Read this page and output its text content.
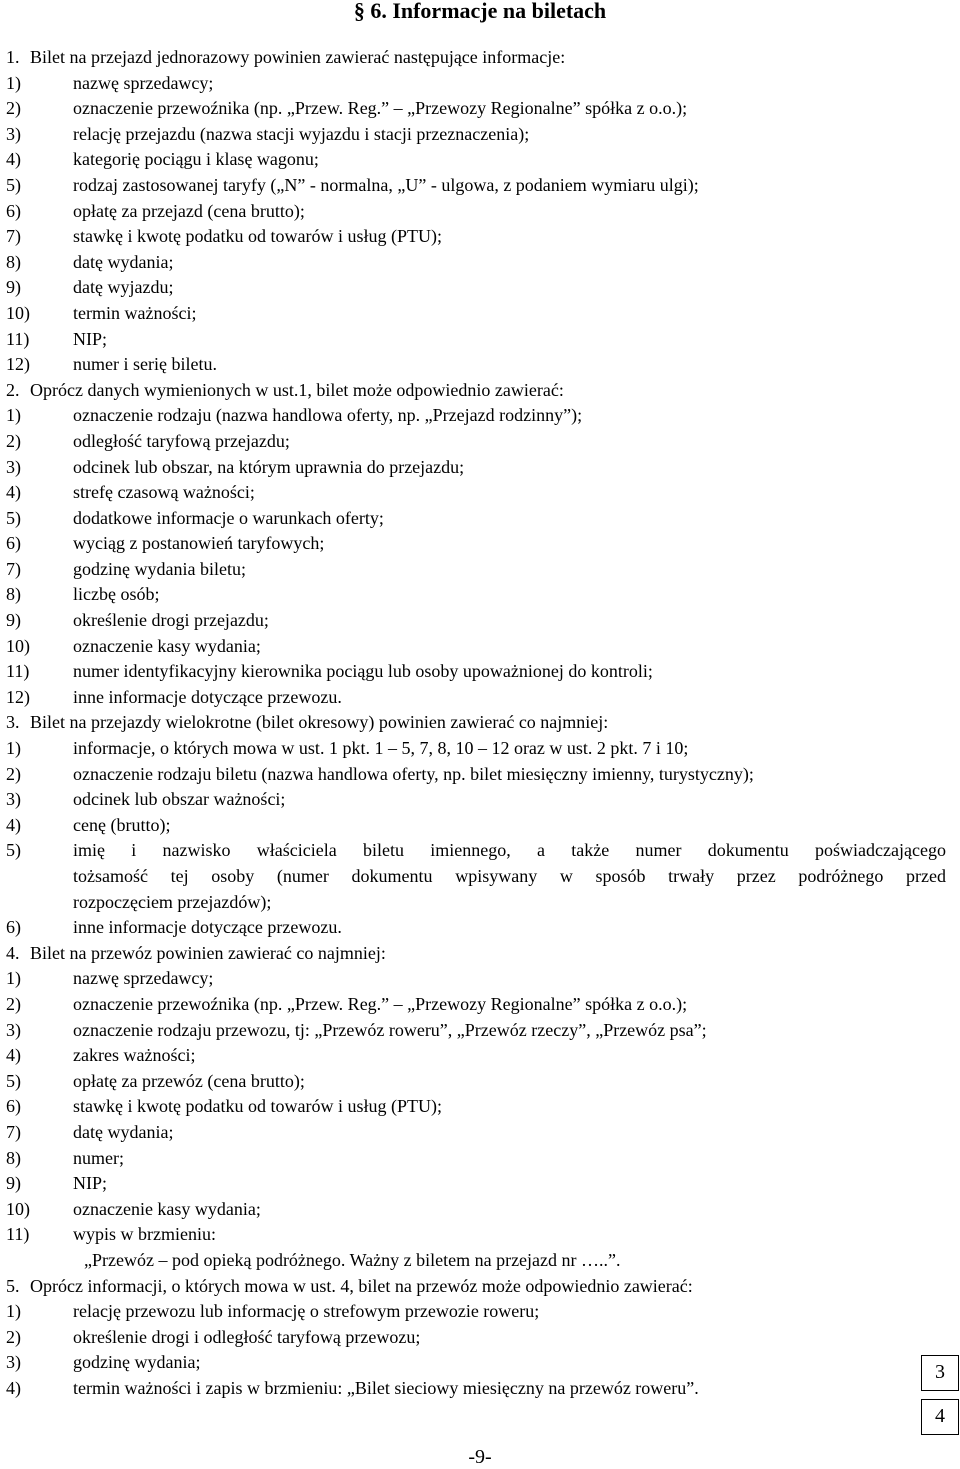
§ 6. Informacje na biletach
1. Bilet na przejazd jednorazowy powinien zawierać następujące informacje:
1)	nazwę sprzedawcy;
2)	oznaczenie przewoźnika (np. „Przew. Reg.” – „Przewozy Regionalne” spółka z o.o.);
3)	relację przejazdu (nazwa stacji wyjazdu i stacji przeznaczenia);
4)	kategorię pociągu i klasę wagonu;
5)	rodzaj zastosowanej taryfy („N” - normalna, „U” - ulgowa, z podaniem wymiaru ulgi);
6)	opłatę za przejazd (cena brutto);
7)	stawkę i kwotę podatku od towarów i usług (PTU);
8)	datę wydania;
9)	datę wyjazdu;
10)	termin ważności;
11)	NIP;
12)	numer i serię biletu.
2. Oprócz danych wymienionych w ust.1, bilet może odpowiednio zawierać:
1)	oznaczenie rodzaju (nazwa handlowa oferty, np. „Przejazd rodzinny”);
2)	odległość taryfową przejazdu;
3)	odcinek lub obszar, na którym uprawnia do przejazdu;
4)	strefę czasową ważności;
5)	dodatkowe informacje o warunkach oferty;
6)	wyciąg z postanowień taryfowych;
7)	godzinę wydania biletu;
8)	liczbę osób;
9)	określenie drogi przejazdu;
10)	oznaczenie kasy wydania;
11)	numer identyfikacyjny kierownika pociągu lub osoby upoważnionej do kontroli;
12)	inne informacje dotyczące przewozu.
3. Bilet na przejazdy wielokrotne (bilet okresowy) powinien zawierać co najmniej:
1)	informacje, o których mowa w ust. 1 pkt. 1 – 5, 7, 8, 10 – 12 oraz w ust. 2 pkt. 7 i 10;
2)	oznaczenie rodzaju biletu (nazwa handlowa oferty, np. bilet miesięczny imienny, turystyczny);
3)	odcinek lub obszar ważności;
4)	cenę (brutto);
5)	imię i nazwisko właściciela biletu imiennego, a także numer dokumentu poświadczającego
tożsamość tej osoby (numer dokumentu wpisywany w sposób trwały przez podróżnego przed
rozpoczęciem przejazdów);
6)	inne informacje dotyczące przewozu.
4. Bilet na przewóz powinien zawierać co najmniej:
1)	nazwę sprzedawcy;
2)	oznaczenie przewoźnika (np. „Przew. Reg.” – „Przewozy Regionalne” spółka z o.o.);
3)	oznaczenie rodzaju przewozu, tj: „Przewóz roweru”, „Przewóz rzeczy”, „Przewóz psa”;
4)	zakres ważności;
5)	opłatę za przewóz (cena brutto);
6)	stawkę i kwotę podatku od towarów i usług (PTU);
7)	datę wydania;
8)	numer;
9)	NIP;
10)	oznaczenie kasy wydania;
11)	wypis w brzmieniu:
„Przewóz – pod opieką podróżnego. Ważny z biletem na przejazd nr …..”.
5. Oprócz informacji, o których mowa w ust. 4, bilet na przewóz może odpowiednio zawierać:
1)	relację przewozu lub informację o strefowym przewozie roweru;
2)	określenie drogi i odległość taryfową przewozu;
3)	godzinę wydania;
4)	termin ważności i zapis w brzmieniu: „Bilet sieciowy miesięczny na przewóz roweru”.
-9-
3
4
